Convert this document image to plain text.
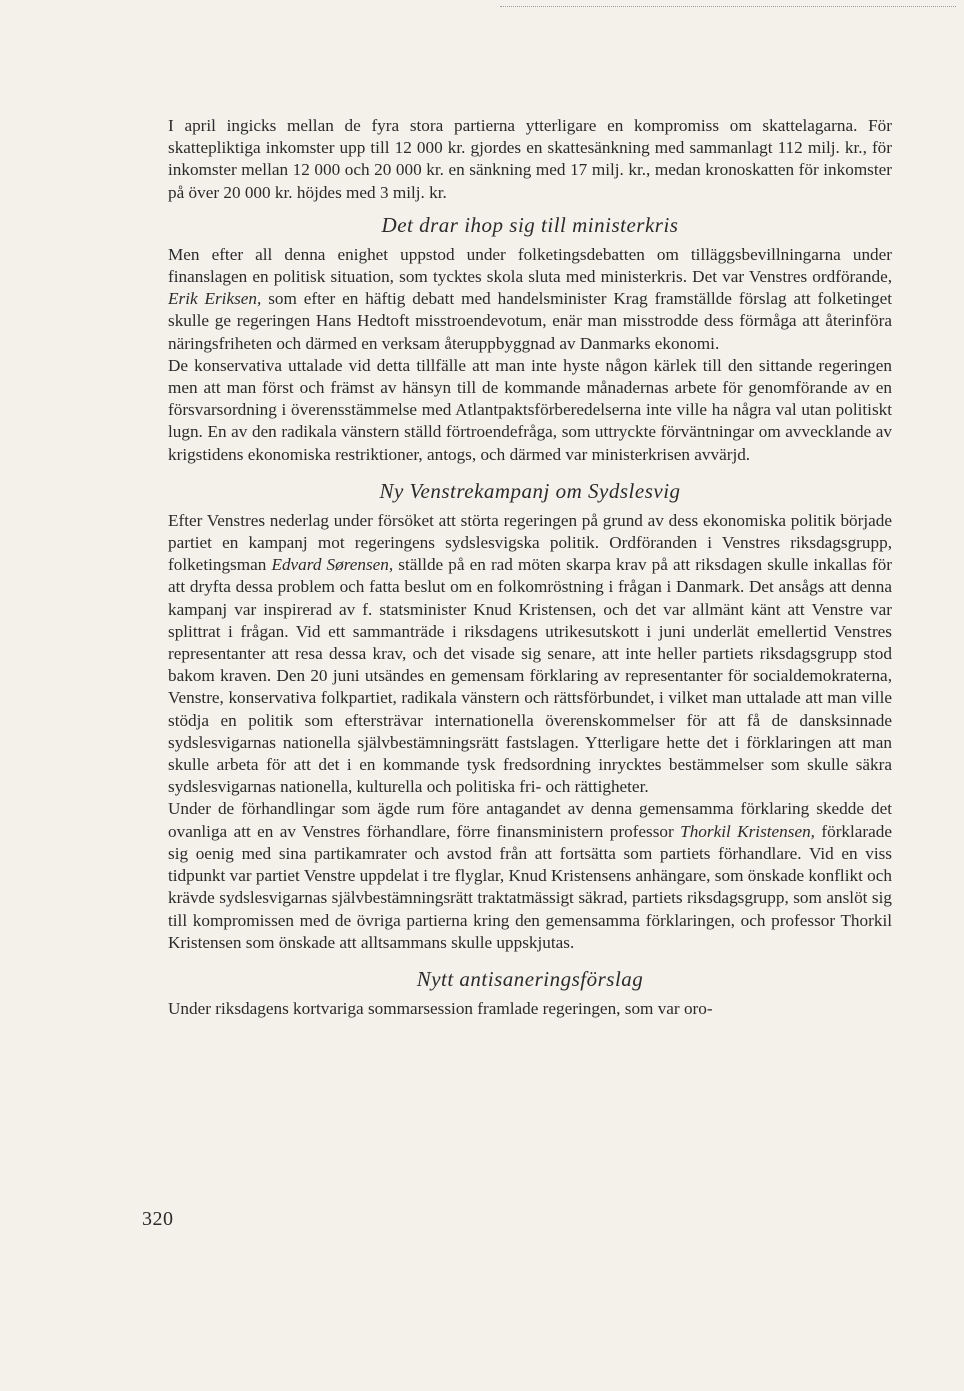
I april ingicks mellan de fyra stora partierna ytterligare en kompromiss om skattelagarna. För skattepliktiga inkomster upp till 12 000 kr. gjordes en skattesänkning med sammanlagt 112 milj. kr., för inkomster mellan 12 000 och 20 000 kr. en sänkning med 17 milj. kr., medan kronoskatten för inkomster på över 20 000 kr. höjdes med 3 milj. kr.

Det drar ihop sig till ministerkris

Men efter all denna enighet uppstod under folketingsdebatten om tilläggsbevillningarna under finanslagen en politisk situation, som tycktes skola sluta med ministerkris. Det var Venstres ordförande, Erik Eriksen, som efter en häftig debatt med handelsminister Krag framställde förslag att folketinget skulle ge regeringen Hans Hedtoft misstroendevotum, enär man misstrodde dess förmåga att återinföra näringsfriheten och därmed en verksam återuppbyggnad av Danmarks ekonomi.

De konservativa uttalade vid detta tillfälle att man inte hyste någon kärlek till den sittande regeringen men att man först och främst av hänsyn till de kommande månadernas arbete för genomförande av en försvarsordning i överensstämmelse med Atlantpaktsförberedelserna inte ville ha några val utan politiskt lugn. En av den radikala vänstern ställd förtroendefråga, som uttryckte förväntningar om avvecklande av krigstidens ekonomiska restriktioner, antogs, och därmed var ministerkrisen avvärjd.

Ny Venstrekampanj om Sydslesvig

Efter Venstres nederlag under försöket att störta regeringen på grund av dess ekonomiska politik började partiet en kampanj mot regeringens sydslesvigska politik. Ordföranden i Venstres riksdagsgrupp, folketingsman Edvard Sørensen, ställde på en rad möten skarpa krav på att riksdagen skulle inkallas för att dryfta dessa problem och fatta beslut om en folkomröstning i frågan i Danmark. Det ansågs att denna kampanj var inspirerad av f. statsminister Knud Kristensen, och det var allmänt känt att Venstre var splittrat i frågan. Vid ett sammanträde i riksdagens utrikesutskott i juni underlät emellertid Venstres representanter att resa dessa krav, och det visade sig senare, att inte heller partiets riksdagsgrupp stod bakom kraven. Den 20 juni utsändes en gemensam förklaring av representanter för socialdemokraterna, Venstre, konservativa folkpartiet, radikala vänstern och rättsförbundet, i vilket man uttalade att man ville stödja en politik som eftersträvar internationella överenskommelser för att få de dansksinnade sydslesvigarnas nationella självbestämningsrätt fastslagen. Ytterligare hette det i förklaringen att man skulle arbeta för att det i en kommande tysk fredsordning inrycktes bestämmelser som skulle säkra sydslesvigarnas nationella, kulturella och politiska fri- och rättigheter.

Under de förhandlingar som ägde rum före antagandet av denna gemensamma förklaring skedde det ovanliga att en av Venstres förhandlare, förre finansministern professor Thorkil Kristensen, förklarade sig oenig med sina partikamrater och avstod från att fortsätta som partiets förhandlare. Vid en viss tidpunkt var partiet Venstre uppdelat i tre flyglar, Knud Kristensens anhängare, som önskade konflikt och krävde sydslesvigarnas självbestämningsrätt traktatmässigt säkrad, partiets riksdagsgrupp, som anslöt sig till kompromissen med de övriga partierna kring den gemensamma förklaringen, och professor Thorkil Kristensen som önskade att alltsammans skulle uppskjutas.

Nytt antisaneringsförslag

Under riksdagens kortvariga sommarsession framlade regeringen, som var oro-

320
